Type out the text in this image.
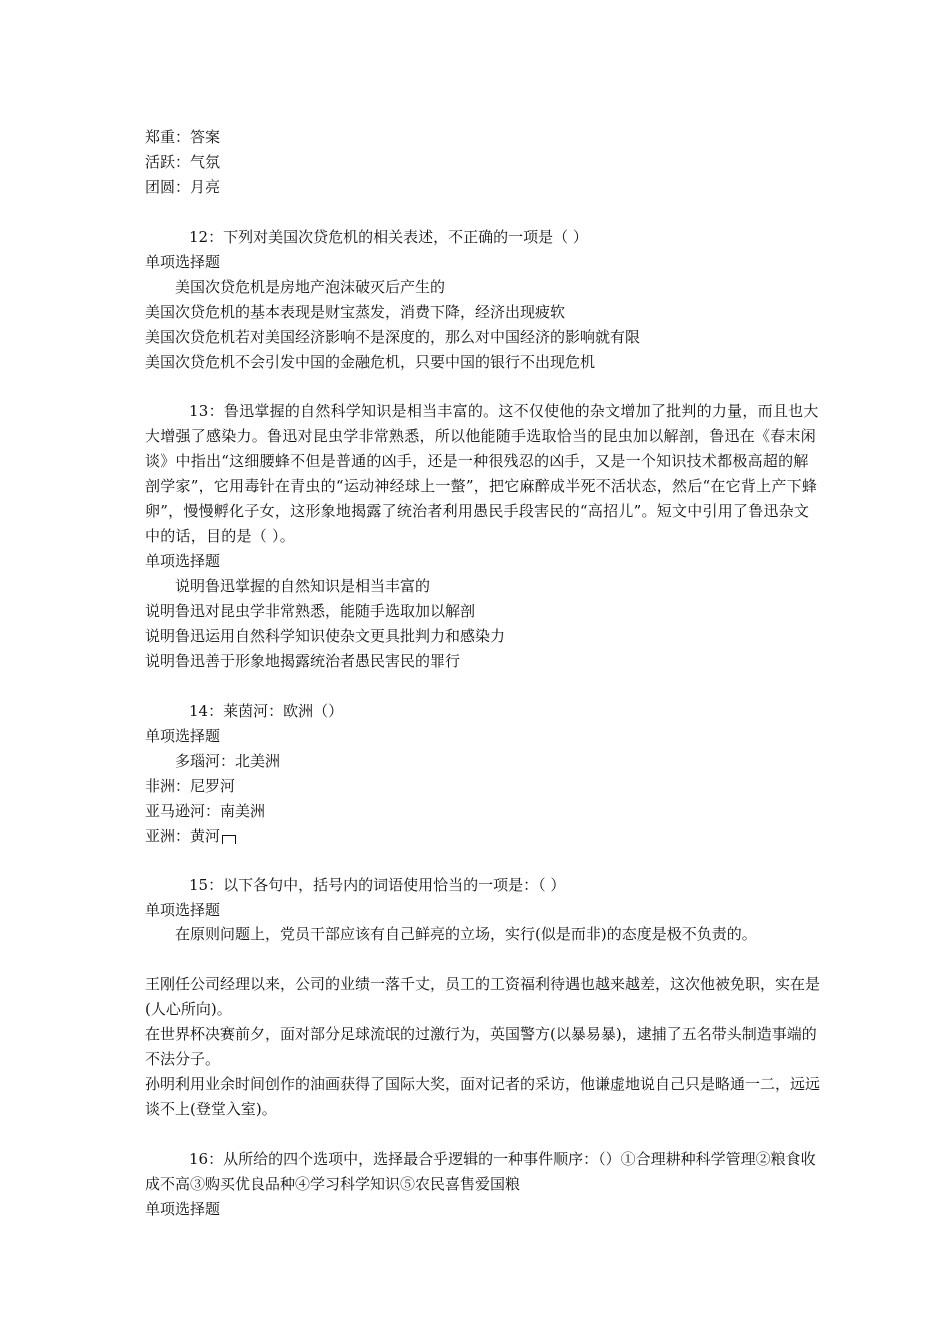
郑重：答案
活跃：气氛
团圆：月亮
12：下列对美国次贷危机的相关表述，不正确的一项是（ ）
单项选择题
美国次贷危机是房地产泡沫破灭后产生的
美国次贷危机的基本表现是财宝蒸发，消费下降，经济出现疲软
美国次贷危机若对美国经济影响不是深度的，那么对中国经济的影响就有限
美国次贷危机不会引发中国的金融危机，只要中国的银行不出现危机
13：鲁迅掌握的自然科学知识是相当丰富的。这不仅使他的杂文增加了批判的力量，而且也大大增强了感染力。鲁迅对昆虫学非常熟悉，所以他能随手选取恰当的昆虫加以解剖，鲁迅在《春末闲谈》中指出“这细腰蜂不但是普通的凶手，还是一种很残忍的凶手，又是一个知识技术都极高超的解剖学家”，它用毒针在青虫的“运动神经球上一螫”，把它麻醉成半死不活状态，然后“在它背上产下蜂卵”，慢慢孵化子女，这形象地揭露了统治者利用愚民手段害民的“高招儿”。短文中引用了鲁迅杂文中的话，目的是（ ）。
单项选择题
说明鲁迅掌握的自然知识是相当丰富的
说明鲁迅对昆虫学非常熟悉，能随手选取加以解剖
说明鲁迅运用自然科学知识使杂文更具批判力和感染力
说明鲁迅善于形象地揭露统治者愚民害民的罪行
14：莱茵河：欧洲（）
单项选择题
多瑙河：北美洲
非洲：尼罗河
亚马逊河：南美洲
亚洲：黄河
15：以下各句中，括号内的词语使用恰当的一项是：（ ）
单项选择题
在原则问题上，党员干部应该有自己鲜亮的立场，实行(似是而非)的态度是极不负责的。
王刚任公司经理以来，公司的业绩一落千丈，员工的工资福利待遇也越来越差，这次他被免职，实在是(人心所向)。
在世界杯决赛前夕，面对部分足球流氓的过激行为，英国警方(以暴易暴)，逮捕了五名带头制造事端的不法分子。
孙明利用业余时间创作的油画获得了国际大奖，面对记者的采访，他谦虚地说自己只是略通一二，远远谈不上(登堂入室)。
16：从所给的四个选项中，选择最合乎逻辑的一种事件顺序：（）①合理耕种科学管理②粮食收成不高③购买优良品种④学习科学知识⑤农民喜售爱国粮
单项选择题
